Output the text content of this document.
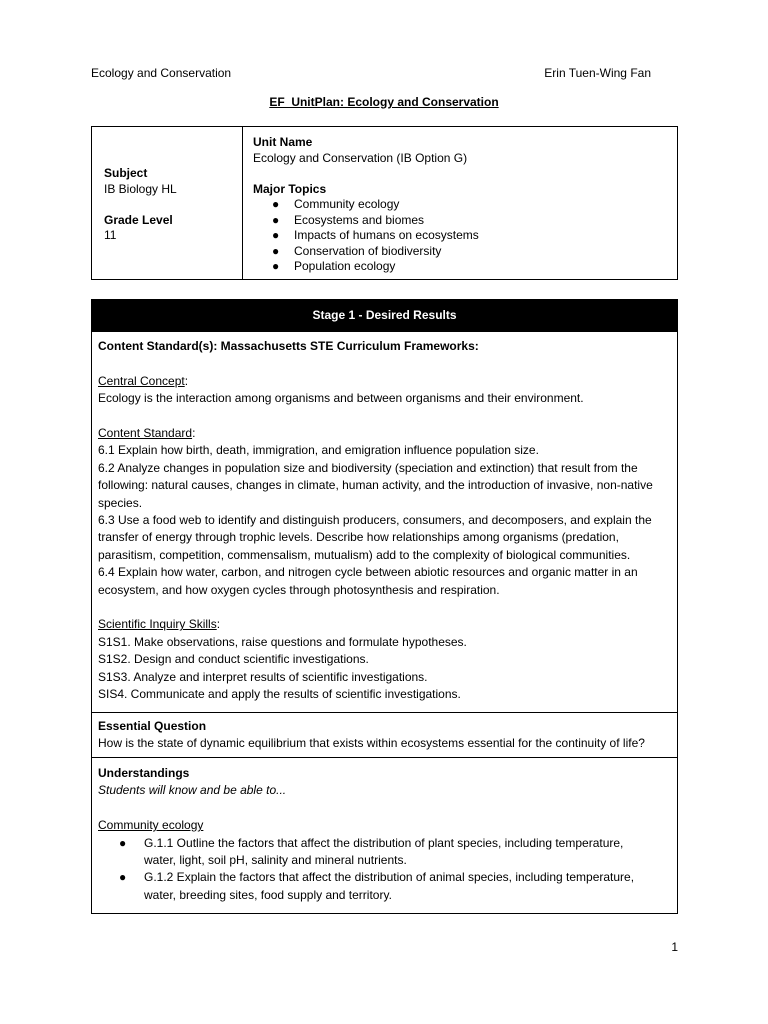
Ecology and Conservation	Erin Tuen-Wing Fan
EF  UnitPlan: Ecology and Conservation
Subject
IB Biology HL
Grade Level
11
Unit Name
Ecology and Conservation (IB Option G)
Major Topics
● Community ecology
● Ecosystems and biomes
● Impacts of humans on ecosystems
● Conservation of biodiversity
● Population ecology
Stage 1 - Desired Results
Content Standard(s): Massachusetts STE Curriculum Frameworks:
Central Concept:
Ecology is the interaction among organisms and between organisms and their environment.
Content Standard:
6.1 Explain how birth, death, immigration, and emigration influence population size.
6.2 Analyze changes in population size and biodiversity (speciation and extinction) that result from the
following: natural causes, changes in climate, human activity, and the introduction of invasive, non-native
species.
6.3 Use a food web to identify and distinguish producers, consumers, and decomposers, and explain the
transfer of energy through trophic levels. Describe how relationships among organisms (predation,
parasitism, competition, commensalism, mutualism) add to the complexity of biological communities.
6.4 Explain how water, carbon, and nitrogen cycle between abiotic resources and organic matter in an
ecosystem, and how oxygen cycles through photosynthesis and respiration.
Scientific Inquiry Skills:
S1S1. Make observations, raise questions and formulate hypotheses.
S1S2. Design and conduct scientific investigations.
S1S3. Analyze and interpret results of scientific investigations.
SIS4. Communicate and apply the results of scientific investigations.
Essential Question
How is the state of dynamic equilibrium that exists within ecosystems essential for the continuity of life?
Understandings
Students will know and be able to...
Community ecology
● G.1.1 Outline the factors that affect the distribution of plant species, including temperature,
water, light, soil pH, salinity and mineral nutrients.
● G.1.2 Explain the factors that affect the distribution of animal species, including temperature,
water, breeding sites, food supply and territory.
1
